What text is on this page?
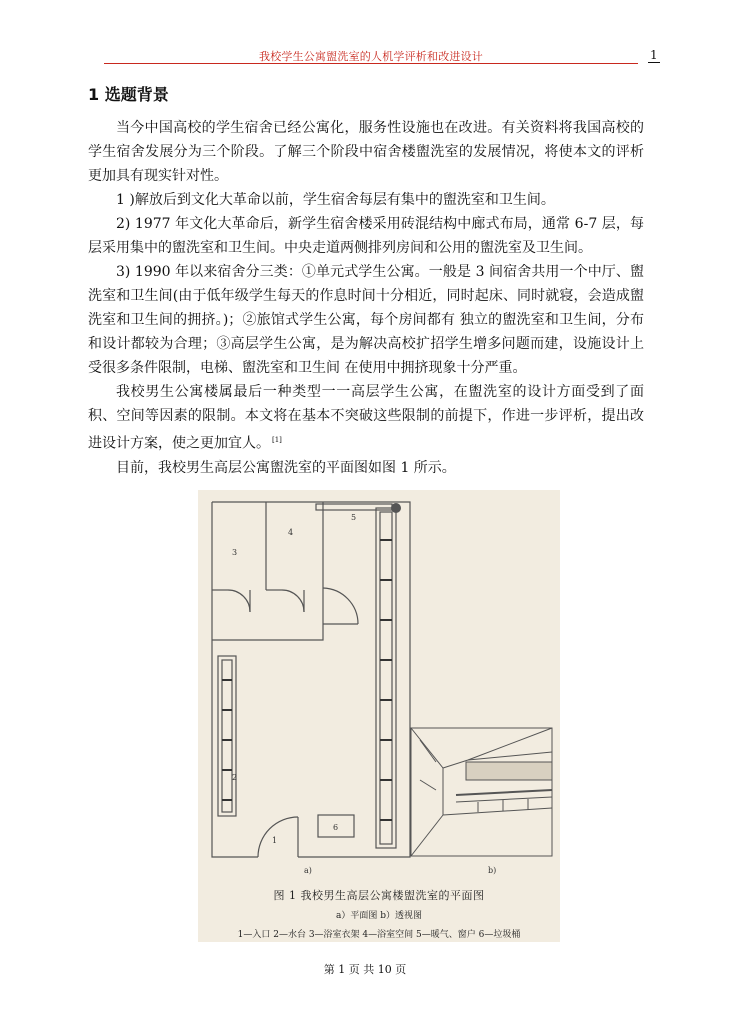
我校学生公寓盥洗室的人机学评析和改进设计	1
1 选题背景

当今中国高校的学生宿舍已经公寓化，服务性设施也在改进。有关资料将我国高校的学生宿舍发展分为三个阶段。了解三个阶段中宿舍楼盥洗室的发展情况，将使本文的评析更加具有现实针对性。

1 )解放后到文化大革命以前，学生宿舍每层有集中的盥洗室和卫生间。

2) 1977 年文化大革命后，新学生宿舍楼采用砖混结构中廊式布局，通常 6-7 层，每层采用集中的盥洗室和卫生间。中央走道两侧排列房间和公用的盥洗室及卫生间。

3) 1990 年以来宿舍分三类：①单元式学生公寓。一般是 3 间宿舍共用一个中厅、盥洗室和卫生间(由于低年级学生每天的作息时间十分相近，同时起床、同时就寝，会造成盥洗室和卫生间的拥挤。)；②旅馆式学生公寓，每个房间都有 独立的盥洗室和卫生间，分布和设计都较为合理；③高层学生公寓，是为解决高校扩招学生增多问题而建，设施设计上受很多条件限制，电梯、盥洗室和卫生间 在使用中拥挤现象十分严重。

我校男生公寓楼属最后一种类型一一高层学生公寓，在盥洗室的设计方面受到了面积、空间等因素的限制。本文将在基本不突破这些限制的前提下，作进一步评析，提出改进设计方案，使之更加宜人。 [1]

目前，我校男生高层公寓盥洗室的平面图如图 1 所示。

1
2
3
4
5
6
a)	b)

图 1 我校男生高层公寓楼盥洗室的平面图

a）平面图 b）透视图

1—入口 2—水台 3—浴室衣架 4—浴室空间 5—暖气、窗户 6—垃圾桶

第 1 页 共 10 页
